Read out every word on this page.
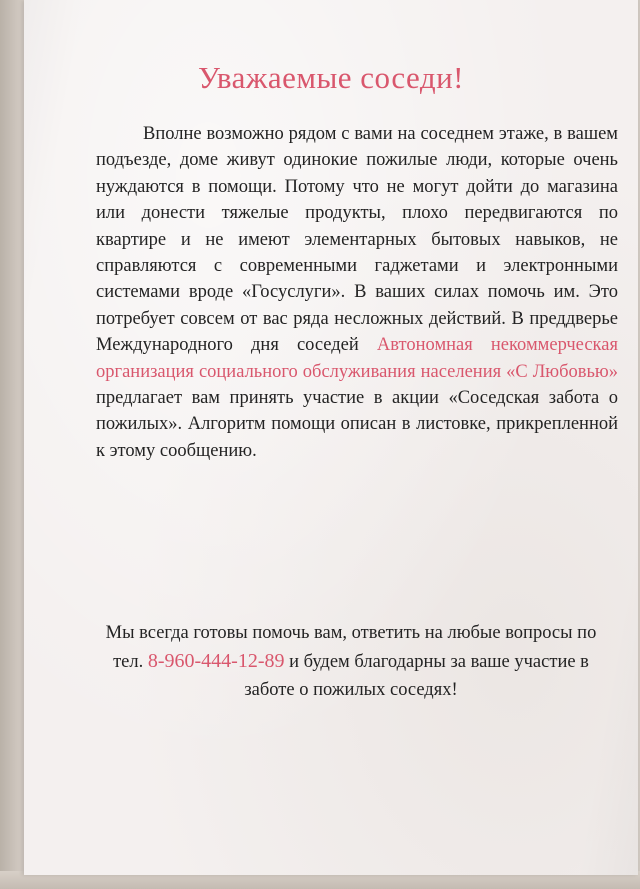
Уважаемые соседи!

Вполне возможно рядом с вами на соседнем этаже, в вашем подъезде, доме живут одинокие пожилые люди, которые очень нуждаются в помощи. Потому что не могут дойти до магазина или донести тяжелые продукты, плохо передвигаются по квартире и не имеют элементарных бытовых навыков, не справляются с современными гаджетами и электронными системами вроде «Госуслуги». В ваших силах помочь им. Это потребует совсем от вас ряда несложных действий. В преддверье Международного дня соседей Автономная некоммерческая организация социального обслуживания населения «С Любовью» предлагает вам принять участие в акции «Соседская забота о пожилых». Алгоритм помощи описан в листовке, прикрепленной к этому сообщению.

Мы всегда готовы помочь вам, ответить на любые вопросы по тел. 8-960-444-12-89 и будем благодарны за ваше участие в заботе о пожилых соседях!
